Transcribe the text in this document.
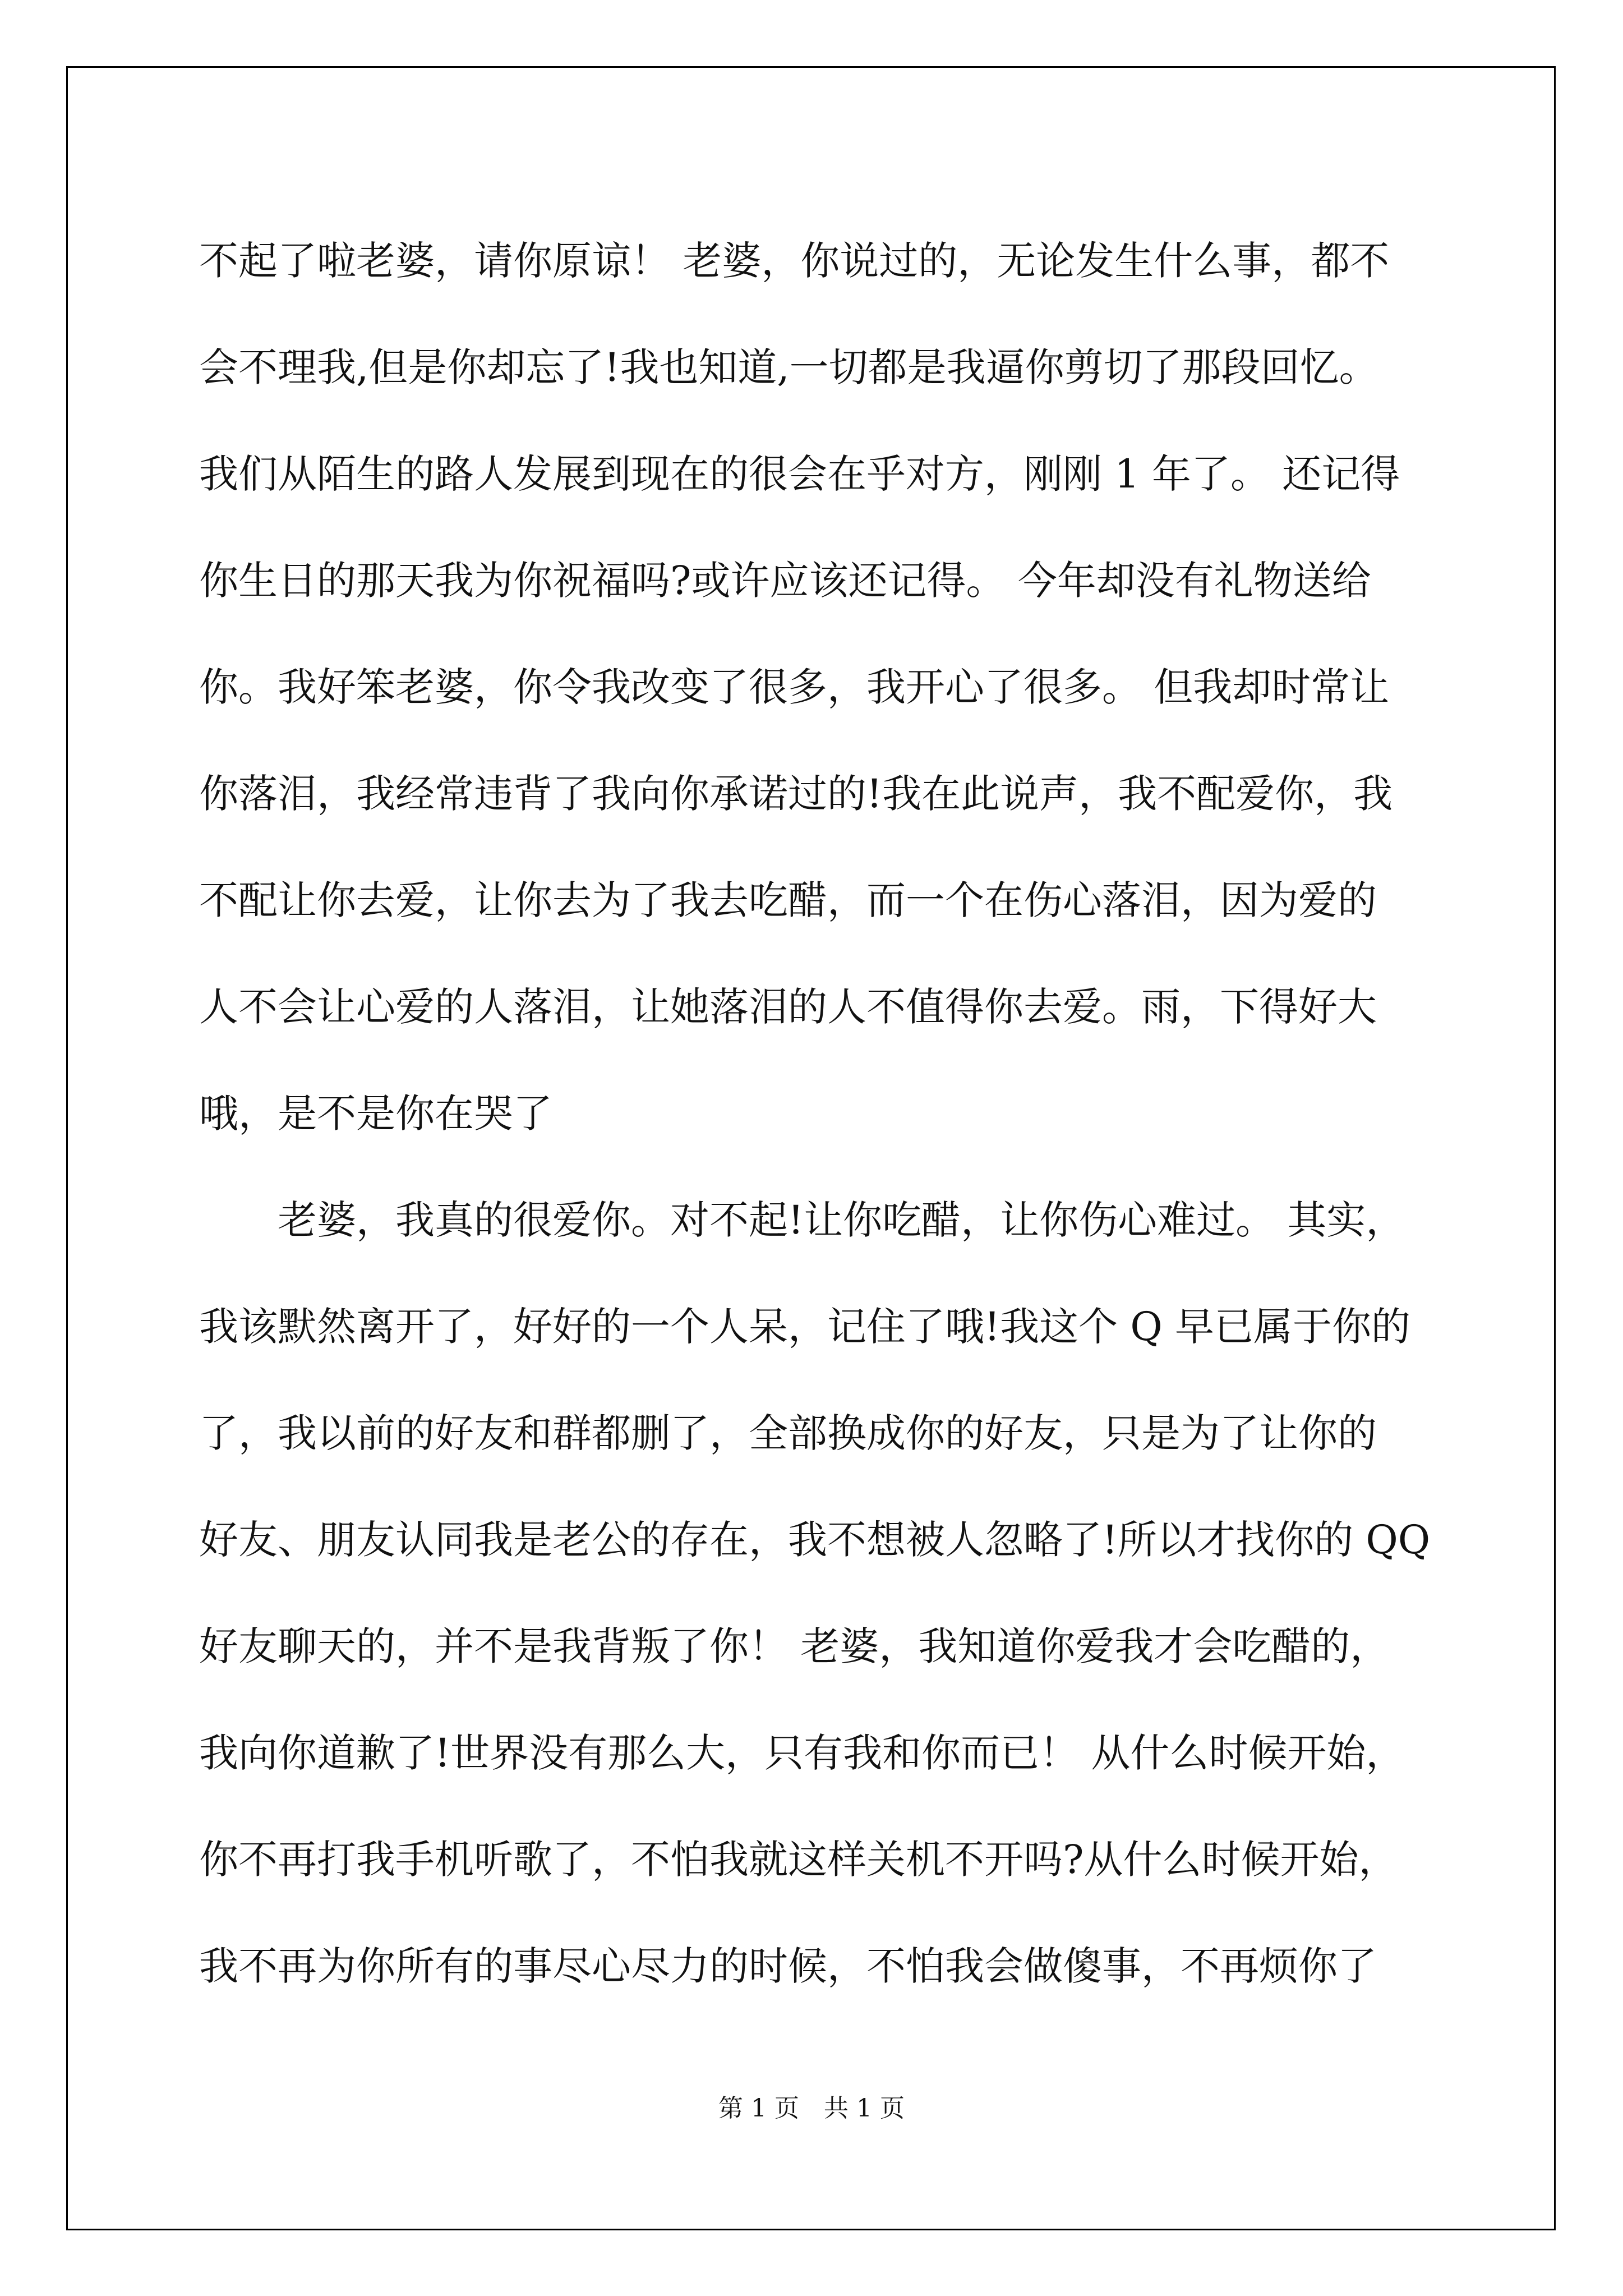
不起了啦老婆，请你原谅！ 老婆，你说过的，无论发生什么事，都不
会不理我,但是你却忘了!我也知道,一切都是我逼你剪切了那段回忆。
我们从陌生的路人发展到现在的很会在乎对方，刚刚 1 年了。 还记得
你生日的那天我为你祝福吗?或许应该还记得。 今年却没有礼物送给
你。我好笨老婆，你令我改变了很多，我开心了很多。 但我却时常让
你落泪，我经常违背了我向你承诺过的!我在此说声，我不配爱你，我
不配让你去爱，让你去为了我去吃醋，而一个在伤心落泪，因为爱的
人不会让心爱的人落泪，让她落泪的人不值得你去爱。雨，下得好大
哦，是不是你在哭了
　　老婆，我真的很爱你。对不起!让你吃醋，让你伤心难过。 其实，
我该默然离开了，好好的一个人呆，记住了哦!我这个 Q 早已属于你的
了，我以前的好友和群都删了，全部换成你的好友，只是为了让你的
好友、朋友认同我是老公的存在，我不想被人忽略了!所以才找你的 QQ
好友聊天的，并不是我背叛了你！ 老婆，我知道你爱我才会吃醋的，
我向你道歉了!世界没有那么大，只有我和你而已！ 从什么时候开始，
你不再打我手机听歌了，不怕我就这样关机不开吗?从什么时候开始，
我不再为你所有的事尽心尽力的时候，不怕我会做傻事，不再烦你了
第 1 页　共 1 页
